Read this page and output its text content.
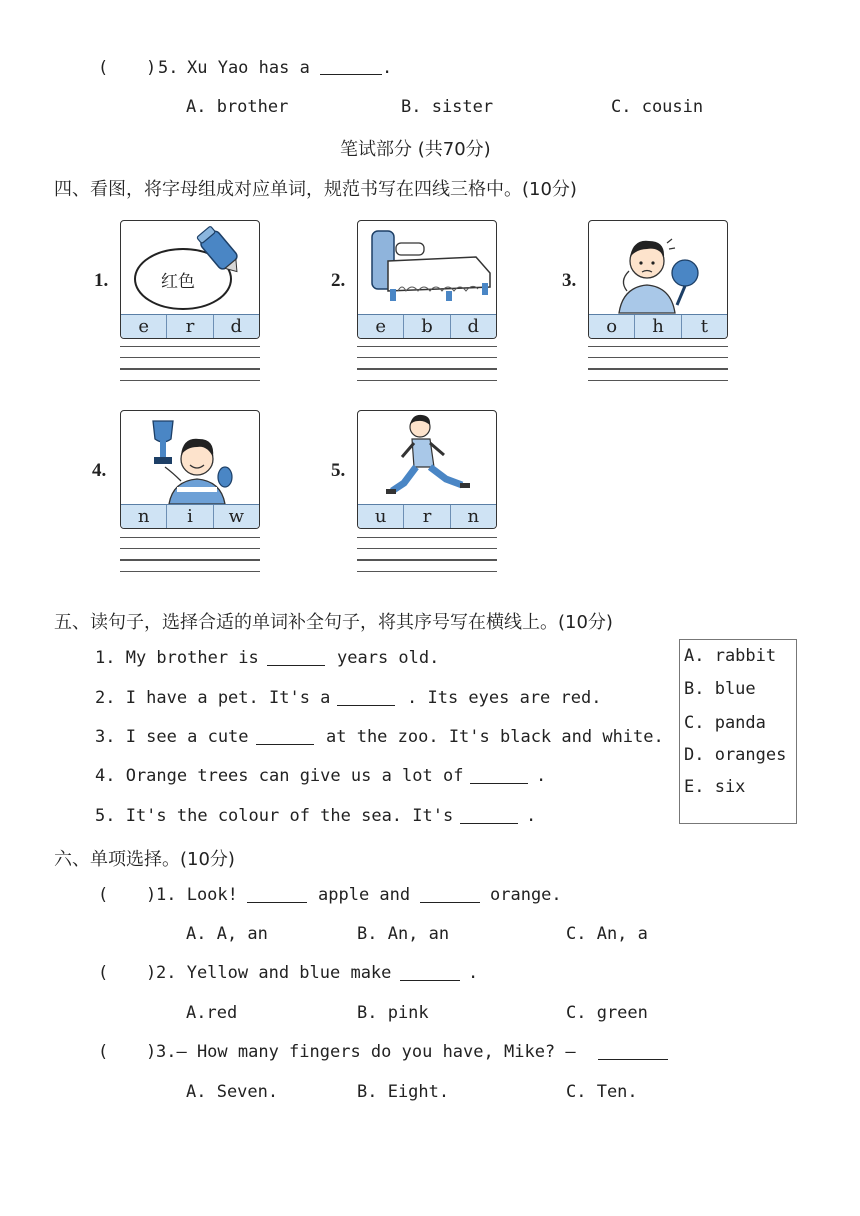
( ) 5. Xu Yao has a	.
A. brother	B. sister	C. cousin
笔试部分 (共70分)
四、看图，将字母组成对应单词，规范书写在四线三格中。(10分)
1.	红色
e	r	d
2.
e	b	d
3.
o	h	t
4.
n	i	w
5.
u	r	n
五、读句子，选择合适的单词补全句子，将其序号写在横线上。(10分)
1. My brother is	years old.
2. I have a pet. It's a	. Its eyes are red.
3. I see a cute	at the zoo. It's black and white.
4. Orange trees can give us a lot of	.
5. It's the colour of the sea. It's	.
A. rabbit
B. blue
C. panda
D. oranges
E. six
六、单项选择。(10分)
( ) 1. Look!	apple and	orange.
A. A, an	B. An, an	C. An, a
( ) 2. Yellow and blue make	.
A.red	B. pink	C. green
( ) 3.— How many fingers do you have, Mike? —
A. Seven.	B. Eight.	C. Ten.
